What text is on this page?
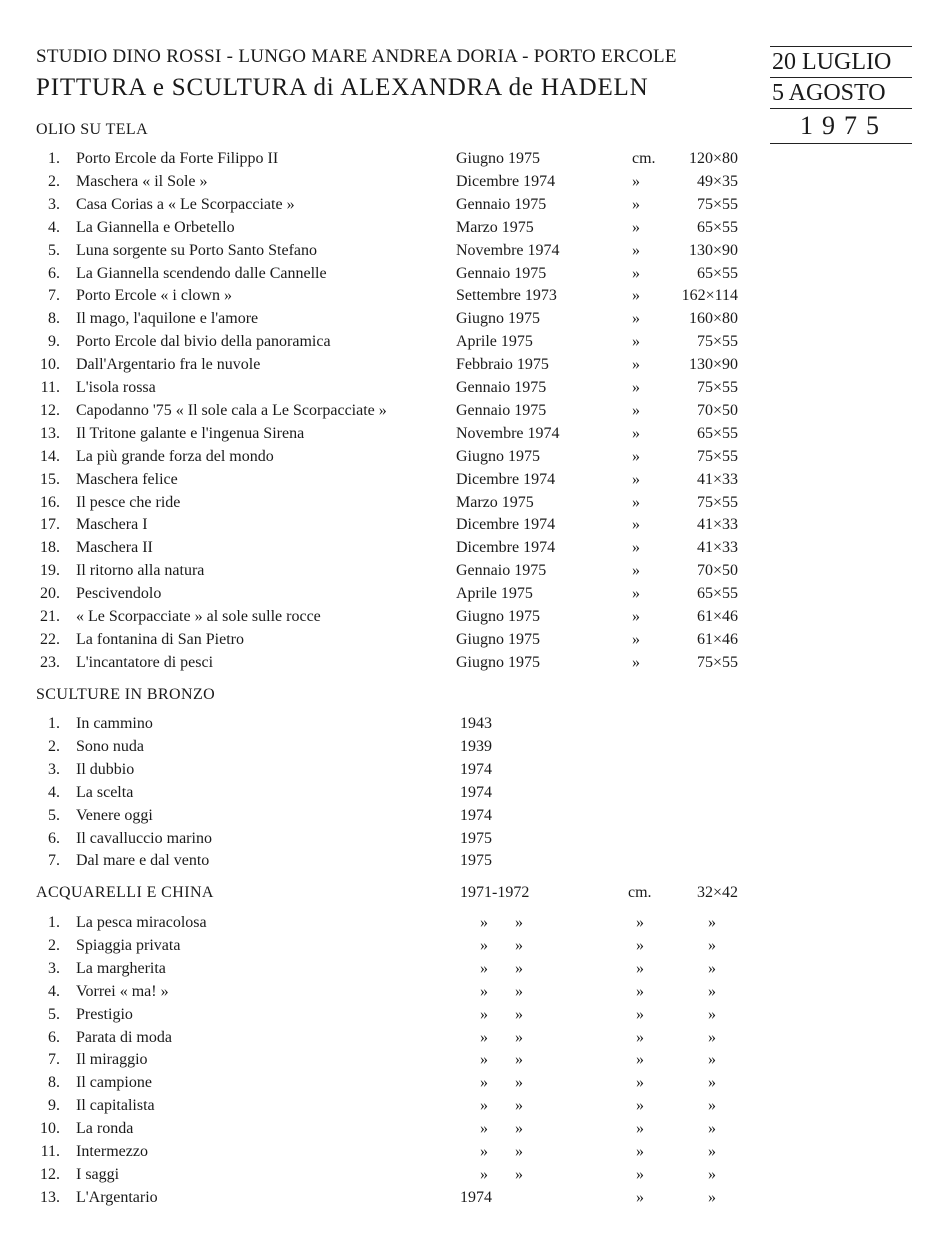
STUDIO DINO ROSSI - LUNGO MARE ANDREA DORIA - PORTO ERCOLE
PITTURA e SCULTURA di ALEXANDRA de HADELN
20 LUGLIO
5 AGOSTO
1975
OLIO SU TELA
1. Porto Ercole da Forte Filippo II	Giugno 1975	cm.	120×80
2. Maschera « il Sole »	Dicembre 1974	»	49×35
3. Casa Corias a « Le Scorpacciate »	Gennaio 1975	»	75×55
4. La Giannella e Orbetello	Marzo 1975	»	65×55
5. Luna sorgente su Porto Santo Stefano	Novembre 1974	»	130×90
6. La Giannella scendendo dalle Cannelle	Gennaio 1975	»	65×55
7. Porto Ercole « i clown »	Settembre 1973	»	162×114
8. Il mago, l'aquilone e l'amore	Giugno 1975	»	160×80
9. Porto Ercole dal bivio della panoramica	Aprile 1975	»	75×55
10. Dall'Argentario fra le nuvole	Febbraio 1975	»	130×90
11. L'isola rossa	Gennaio 1975	»	75×55
12. Capodanno '75 « Il sole cala a Le Scorpacciate »	Gennaio 1975	»	70×50
13. Il Tritone galante e l'ingenua Sirena	Novembre 1974	»	65×55
14. La più grande forza del mondo	Giugno 1975	»	75×55
15. Maschera felice	Dicembre 1974	»	41×33
16. Il pesce che ride	Marzo 1975	»	75×55
17. Maschera I	Dicembre 1974	»	41×33
18. Maschera II	Dicembre 1974	»	41×33
19. Il ritorno alla natura	Gennaio 1975	»	70×50
20. Pescivendolo	Aprile 1975	»	65×55
21. « Le Scorpacciate » al sole sulle rocce	Giugno 1975	»	61×46
22. La fontanina di San Pietro	Giugno 1975	»	61×46
23. L'incantatore di pesci	Giugno 1975	»	75×55
SCULTURE IN BRONZO
1. In cammino	1943
2. Sono nuda	1939
3. Il dubbio	1974
4. La scelta	1974
5. Venere oggi	1974
6. Il cavalluccio marino	1975
7. Dal mare e dal vento	1975
ACQUARELLI E CHINA	1971-1972	cm.	32×42
1. La pesca miracolosa	» »	»	»
2. Spiaggia privata	» »	»	»
3. La margherita	» »	»	»
4. Vorrei « ma! »	» »	»	»
5. Prestigio	» »	»	»
6. Parata di moda	» »	»	»
7. Il miraggio	» »	»	»
8. Il campione	» »	»	»
9. Il capitalista	» »	»	»
10. La ronda	» »	»	»
11. Intermezzo	» »	»	»
12. I saggi	» »	»	»
13. L'Argentario	1974	»	»
